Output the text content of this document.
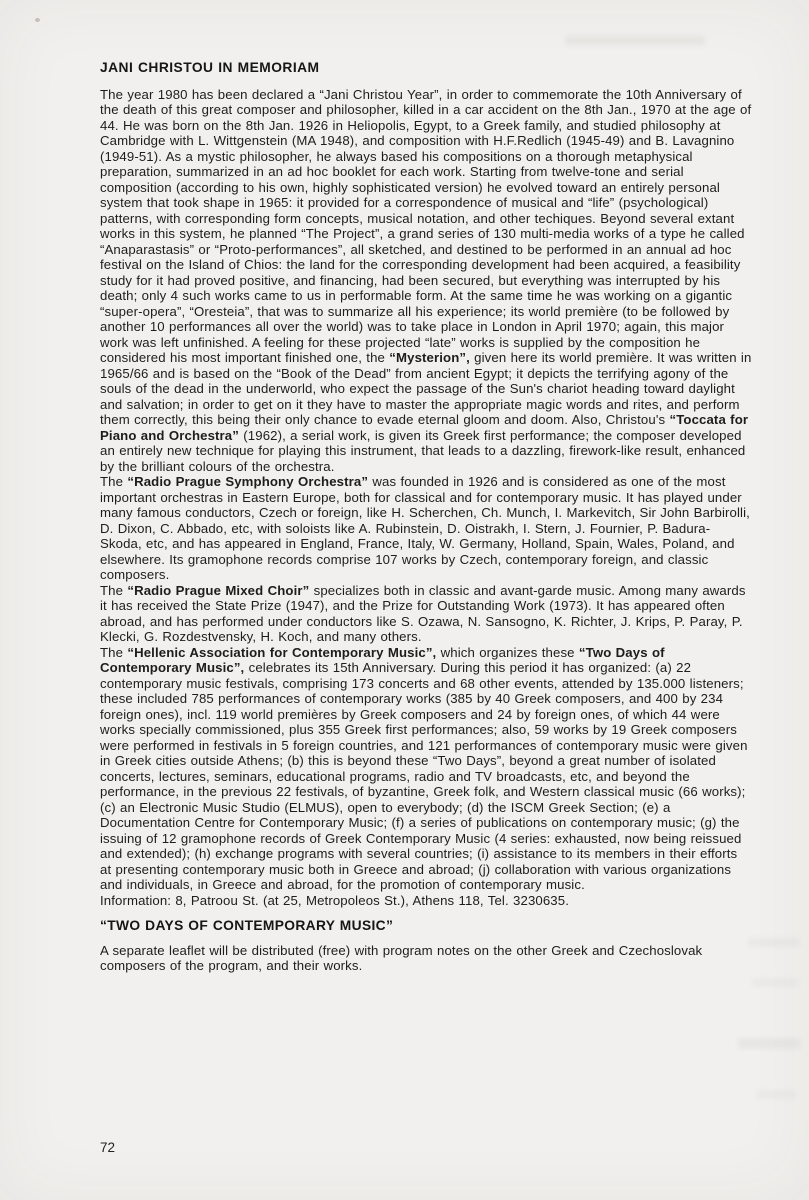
JANI CHRISTOU IN MEMORIAM

The year 1980 has been declared a “Jani Christou Year”, in order to commemorate the 10th Anniversary of the death of this great composer and philosopher, killed in a car accident on the 8th Jan., 1970 at the age of 44. He was born on the 8th Jan. 1926 in Heliopolis, Egypt, to a Greek family, and studied philosophy at Cambridge with L. Wittgenstein (MA 1948), and composition with H.F.Redlich (1945-49) and B. Lavagnino (1949-51). As a mystic philosopher, he always based his compositions on a thorough metaphysical preparation, summarized in an ad hoc booklet for each work. Starting from twelve-tone and serial composition (according to his own, highly sophisticated version) he evolved toward an entirely personal system that took shape in 1965: it provided for a correspondence of musical and “life” (psychological) patterns, with corresponding form concepts, musical notation, and other techiques. Beyond several extant works in this system, he planned “The Project”, a grand series of 130 multi-media works of a type he called “Anaparastasis” or “Proto-performances”, all sketched, and destined to be performed in an annual ad hoc festival on the Island of Chios: the land for the corresponding development had been acquired, a feasibility study for it had proved positive, and financing, had been secured, but everything was interrupted by his death; only 4 such works came to us in performable form. At the same time he was working on a gigantic “super-opera”, “Oresteia”, that was to summarize all his experience; its world première (to be followed by another 10 performances all over the world) was to take place in London in April 1970; again, this major work was left unfinished. A feeling for these projected “late” works is supplied by the composition he considered his most important finished one, the “Mysterion”, given here its world première. It was written in 1965/66 and is based on the “Book of the Dead” from ancient Egypt; it depicts the terrifying agony of the souls of the dead in the underworld, who expect the passage of the Sun's chariot heading toward daylight and salvation; in order to get on it they have to master the appropriate magic words and rites, and perform them correctly, this being their only chance to evade eternal gloom and doom. Also, Christou's “Toccata for Piano and Orchestra” (1962), a serial work, is given its Greek first performance; the composer developed an entirely new technique for playing this instrument, that leads to a dazzling, firework-like result, enhanced by the brilliant colours of the orchestra.

The “Radio Prague Symphony Orchestra” was founded in 1926 and is considered as one of the most important orchestras in Eastern Europe, both for classical and for contemporary music. It has played under many famous conductors, Czech or foreign, like H. Scherchen, Ch. Munch, I. Markevitch, Sir John Barbirolli, D. Dixon, C. Abbado, etc, with soloists like A. Rubinstein, D. Oistrakh, I. Stern, J. Fournier, P. Badura-Skoda, etc, and has appeared in England, France, Italy, W. Germany, Holland, Spain, Wales, Poland, and elsewhere. Its gramophone records comprise 107 works by Czech, contemporary foreign, and classic composers.

The “Radio Prague Mixed Choir” specializes both in classic and avant-garde music. Among many awards it has received the State Prize (1947), and the Prize for Outstanding Work (1973). It has appeared often abroad, and has performed under conductors like S. Ozawa, N. Sansogno, K. Richter, J. Krips, P. Paray, P. Klecki, G. Rozdestvensky, H. Koch, and many others.

The “Hellenic Association for Contemporary Music”, which organizes these “Two Days of Contemporary Music”, celebrates its 15th Anniversary. During this period it has organized: (a) 22 contemporary music festivals, comprising 173 concerts and 68 other events, attended by 135.000 listeners; these included 785 performances of contemporary works (385 by 40 Greek composers, and 400 by 234 foreign ones), incl. 119 world premières by Greek composers and 24 by foreign ones, of which 44 were works specially commissioned, plus 355 Greek first performances; also, 59 works by 19 Greek composers were performed in festivals in 5 foreign countries, and 121 performances of contemporary music were given in Greek cities outside Athens; (b) this is beyond these “Two Days”, beyond a great number of isolated concerts, lectures, seminars, educational programs, radio and TV broadcasts, etc, and beyond the performance, in the previous 22 festivals, of byzantine, Greek folk, and Western classical music (66 works); (c) an Electronic Music Studio (ELMUS), open to everybody; (d) the ISCM Greek Section; (e) a Documentation Centre for Contemporary Music; (f) a series of publications on contemporary music; (g) the issuing of 12 gramophone records of Greek Contemporary Music (4 series: exhausted, now being reissued and extended); (h) exchange programs with several countries; (i) assistance to its members in their efforts at presenting contemporary music both in Greece and abroad; (j) collaboration with various organizations and individuals, in Greece and abroad, for the promotion of contemporary music.

Information: 8, Patroou St. (at 25, Metropoleos St.), Athens 118, Tel. 3230635.

“TWO DAYS OF CONTEMPORARY MUSIC”

A separate leaflet will be distributed (free) with program notes on the other Greek and Czechoslovak composers of the program, and their works.

72
